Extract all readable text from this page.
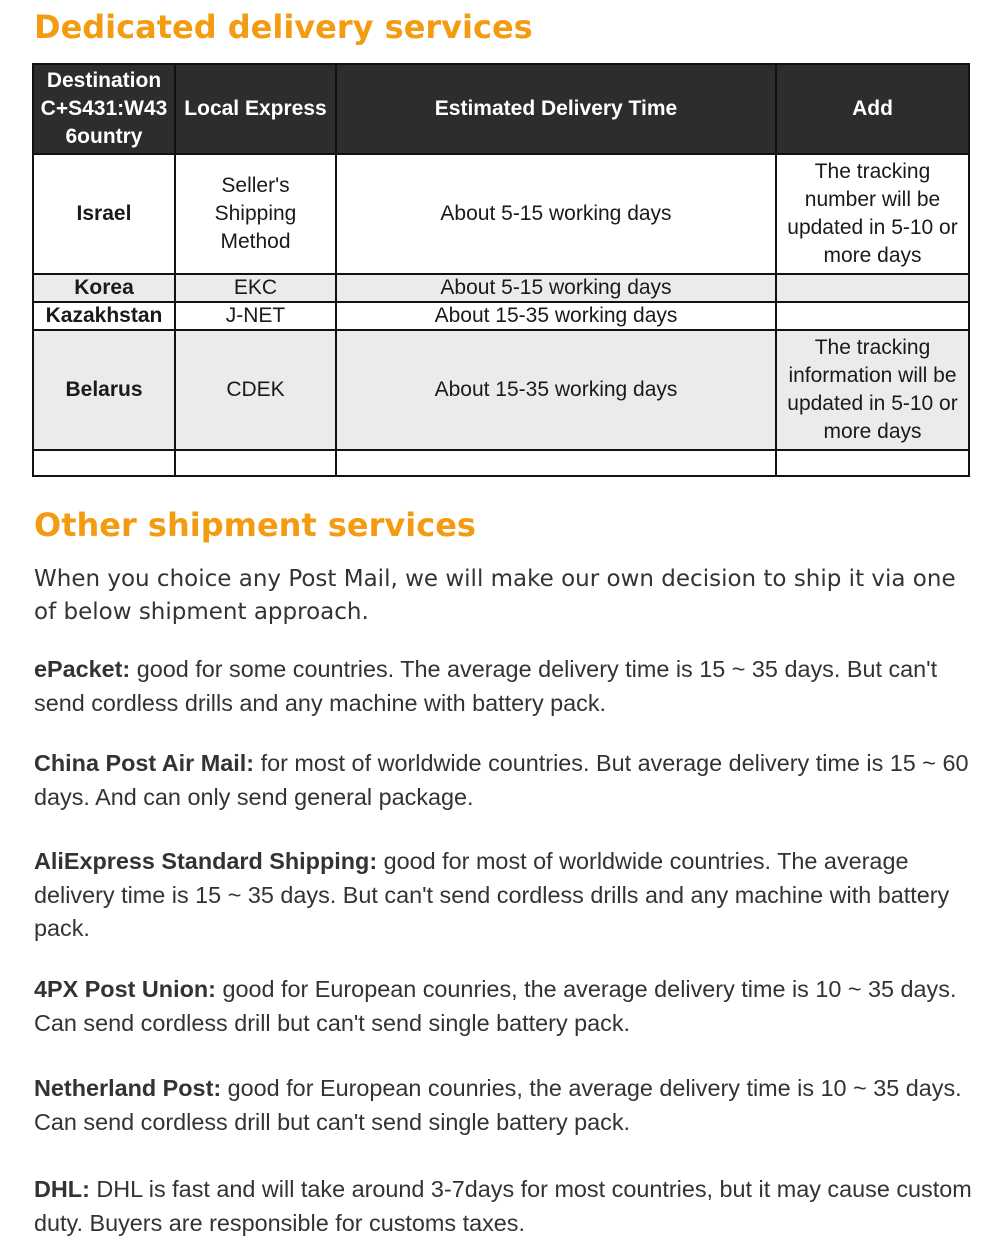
Dedicated delivery services
Destination C+S431:W43 6ountry	Local Express	Estimated Delivery Time	Add
Israel	Seller's Shipping Method	About 5-15 working days	The tracking number will be updated in 5-10 or more days
Korea	EKC	About 5-15 working days	
Kazakhstan	J-NET	About 15-35 working days	
Belarus	CDEK	About 15-35 working days	The tracking information will be updated in 5-10 or more days

Other shipment services

When you choice any Post Mail, we will make our own decision to ship it via one of below shipment approach.

ePacket: good for some countries. The average delivery time is 15 ~ 35 days. But can't send cordless drills and any machine with battery pack.

China Post Air Mail: for most of worldwide countries. But average delivery time is 15 ~ 60 days. And can only send general package.

AliExpress Standard Shipping: good for most of worldwide countries. The average delivery time is 15 ~ 35 days. But can't send cordless drills and any machine with battery pack.

4PX Post Union: good for European counries, the average delivery time is 10 ~ 35 days. Can send cordless drill but can't send single battery pack.

Netherland Post: good for European counries, the average delivery time is 10 ~ 35 days. Can send cordless drill but can't send single battery pack.

DHL: DHL is fast and will take around 3-7days for most countries, but it may cause custom duty. Buyers are responsible for customs taxes.
